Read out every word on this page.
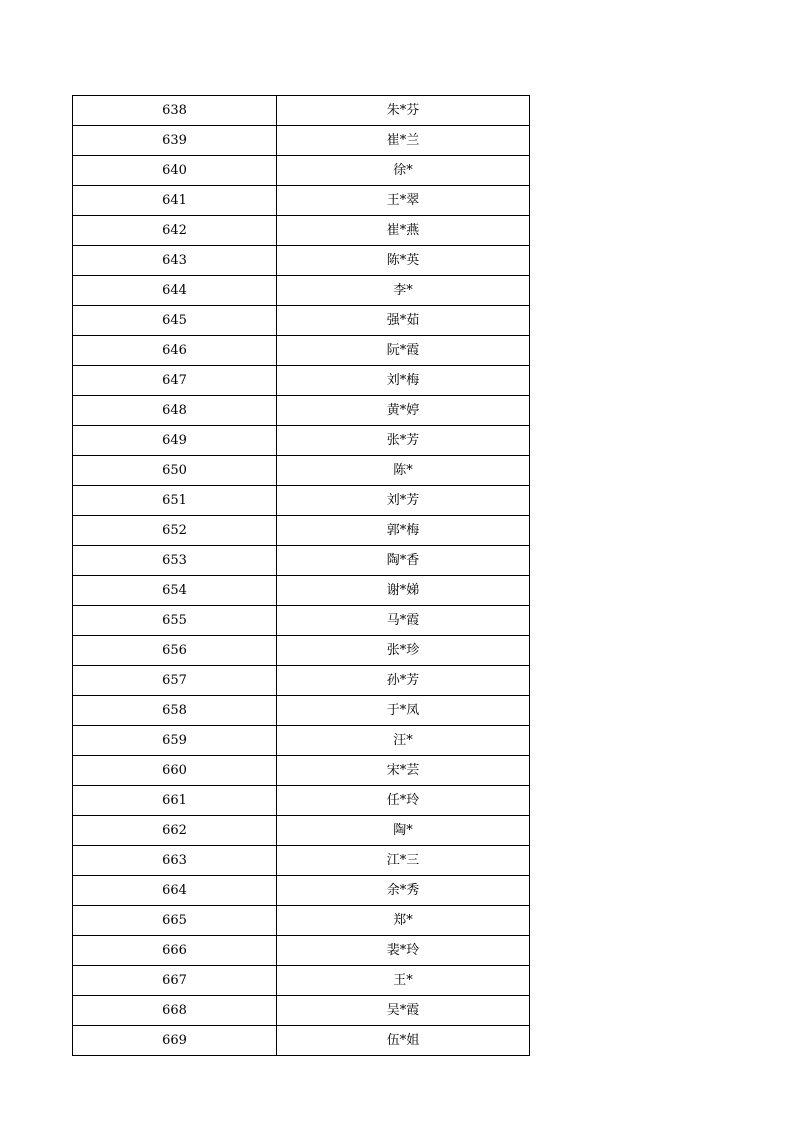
638	朱*芬
639	崔*兰
640	徐*
641	王*翠
642	崔*燕
643	陈*英
644	李*
645	强*茹
646	阮*霞
647	刘*梅
648	黄*婷
649	张*芳
650	陈*
651	刘*芳
652	郭*梅
653	陶*香
654	谢*娣
655	马*霞
656	张*珍
657	孙*芳
658	于*凤
659	汪*
660	宋*芸
661	任*玲
662	陶*
663	江*三
664	余*秀
665	郑*
666	裴*玲
667	王*
668	吴*霞
669	伍*姐
